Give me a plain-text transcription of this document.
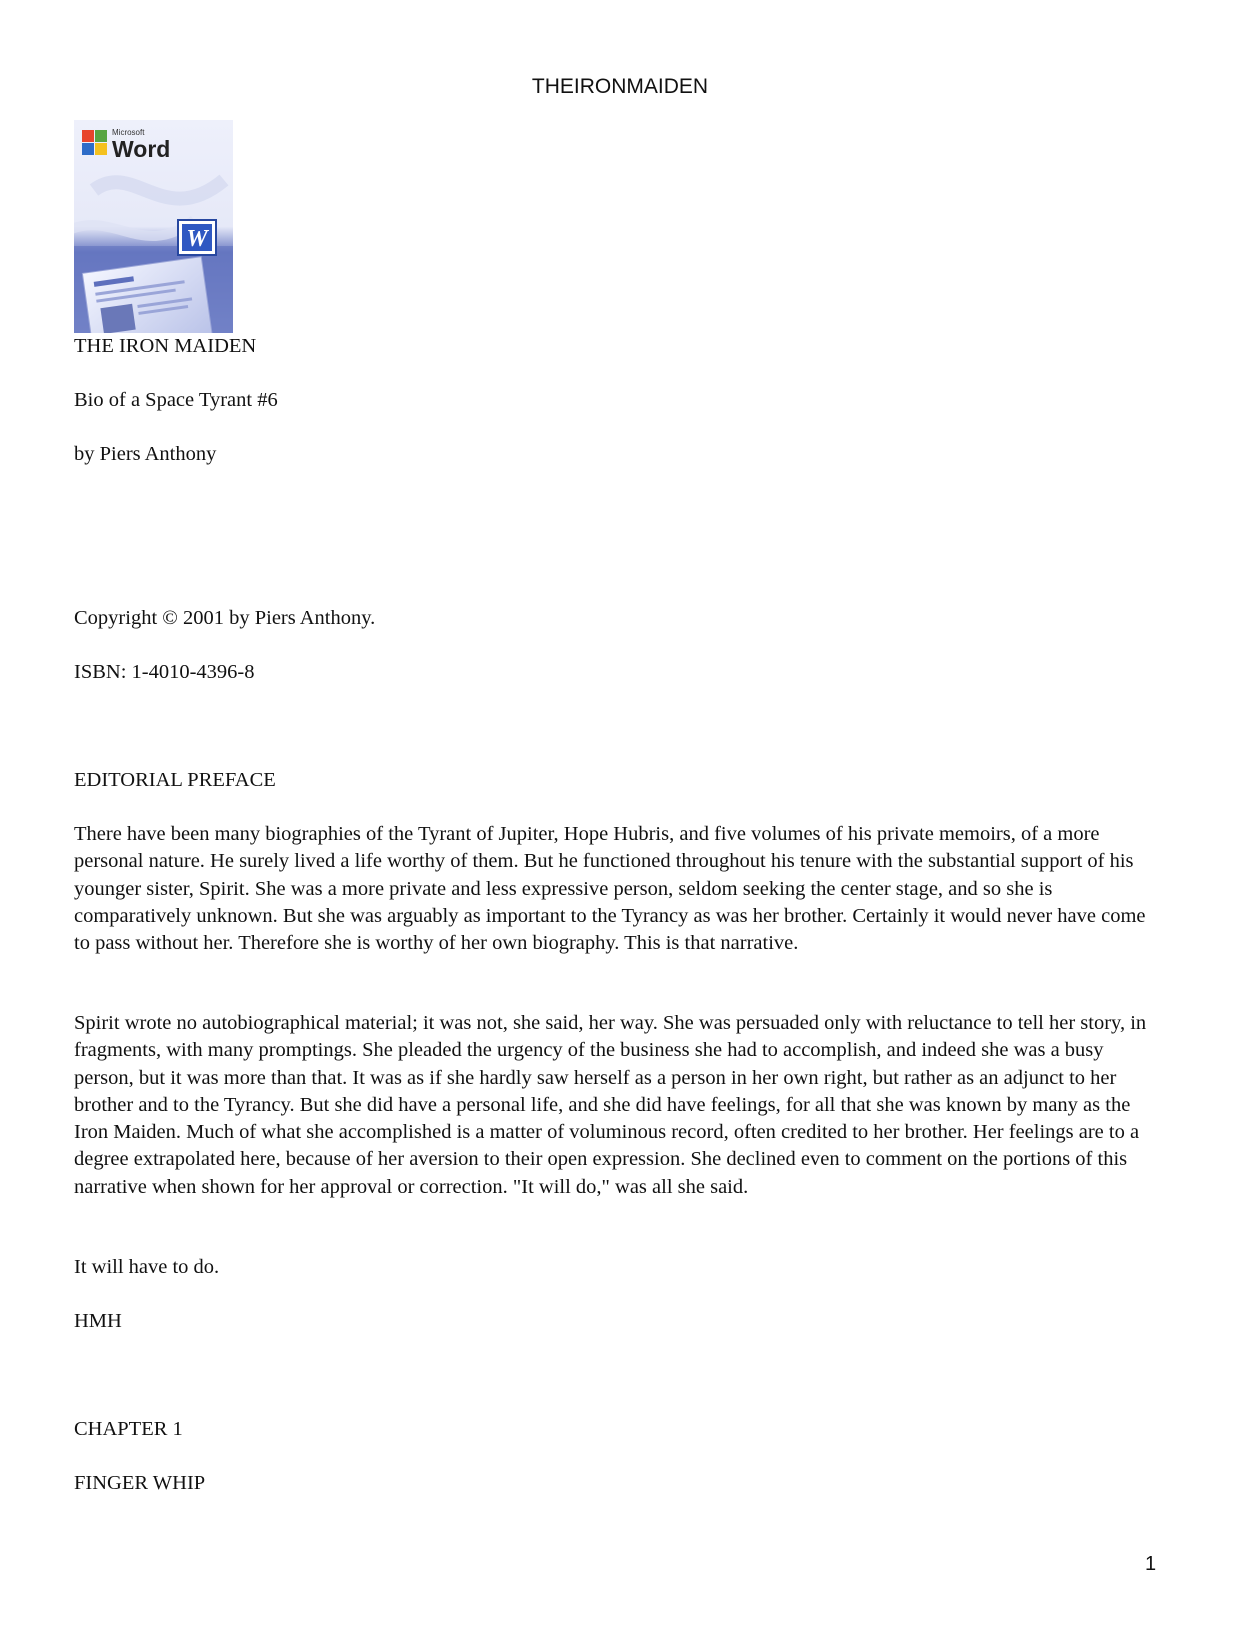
THEIRONMAIDEN
W
Microsoft
Word

THE IRON MAIDEN

Bio of a Space Tyrant #6

by Piers Anthony

Copyright © 2001 by Piers Anthony.

ISBN: 1-4010-4396-8

EDITORIAL PREFACE

There have been many biographies of the Tyrant of Jupiter, Hope Hubris, and five volumes of his private memoirs, of a more personal nature. He surely lived a life worthy of them. But he functioned throughout his tenure with the substantial support of his younger sister, Spirit. She was a more private and less expressive person, seldom seeking the center stage, and so she is comparatively unknown. But she was arguably as important to the Tyrancy as was her brother. Certainly it would never have come to pass without her. Therefore she is worthy of her own biography. This is that narrative.

Spirit wrote no autobiographical material; it was not, she said, her way. She was persuaded only with reluctance to tell her story, in fragments, with many promptings. She pleaded the urgency of the business she had to accomplish, and indeed she was a busy person, but it was more than that. It was as if she hardly saw herself as a person in her own right, but rather as an adjunct to her brother and to the Tyrancy. But she did have a personal life, and she did have feelings, for all that she was known by many as the Iron Maiden. Much of what she accomplished is a matter of voluminous record, often credited to her brother. Her feelings are to a degree extrapolated here, because of her aversion to their open expression. She declined even to comment on the portions of this narrative when shown for her approval or correction. "It will do," was all she said.

It will have to do.

HMH

CHAPTER 1

FINGER WHIP

1
